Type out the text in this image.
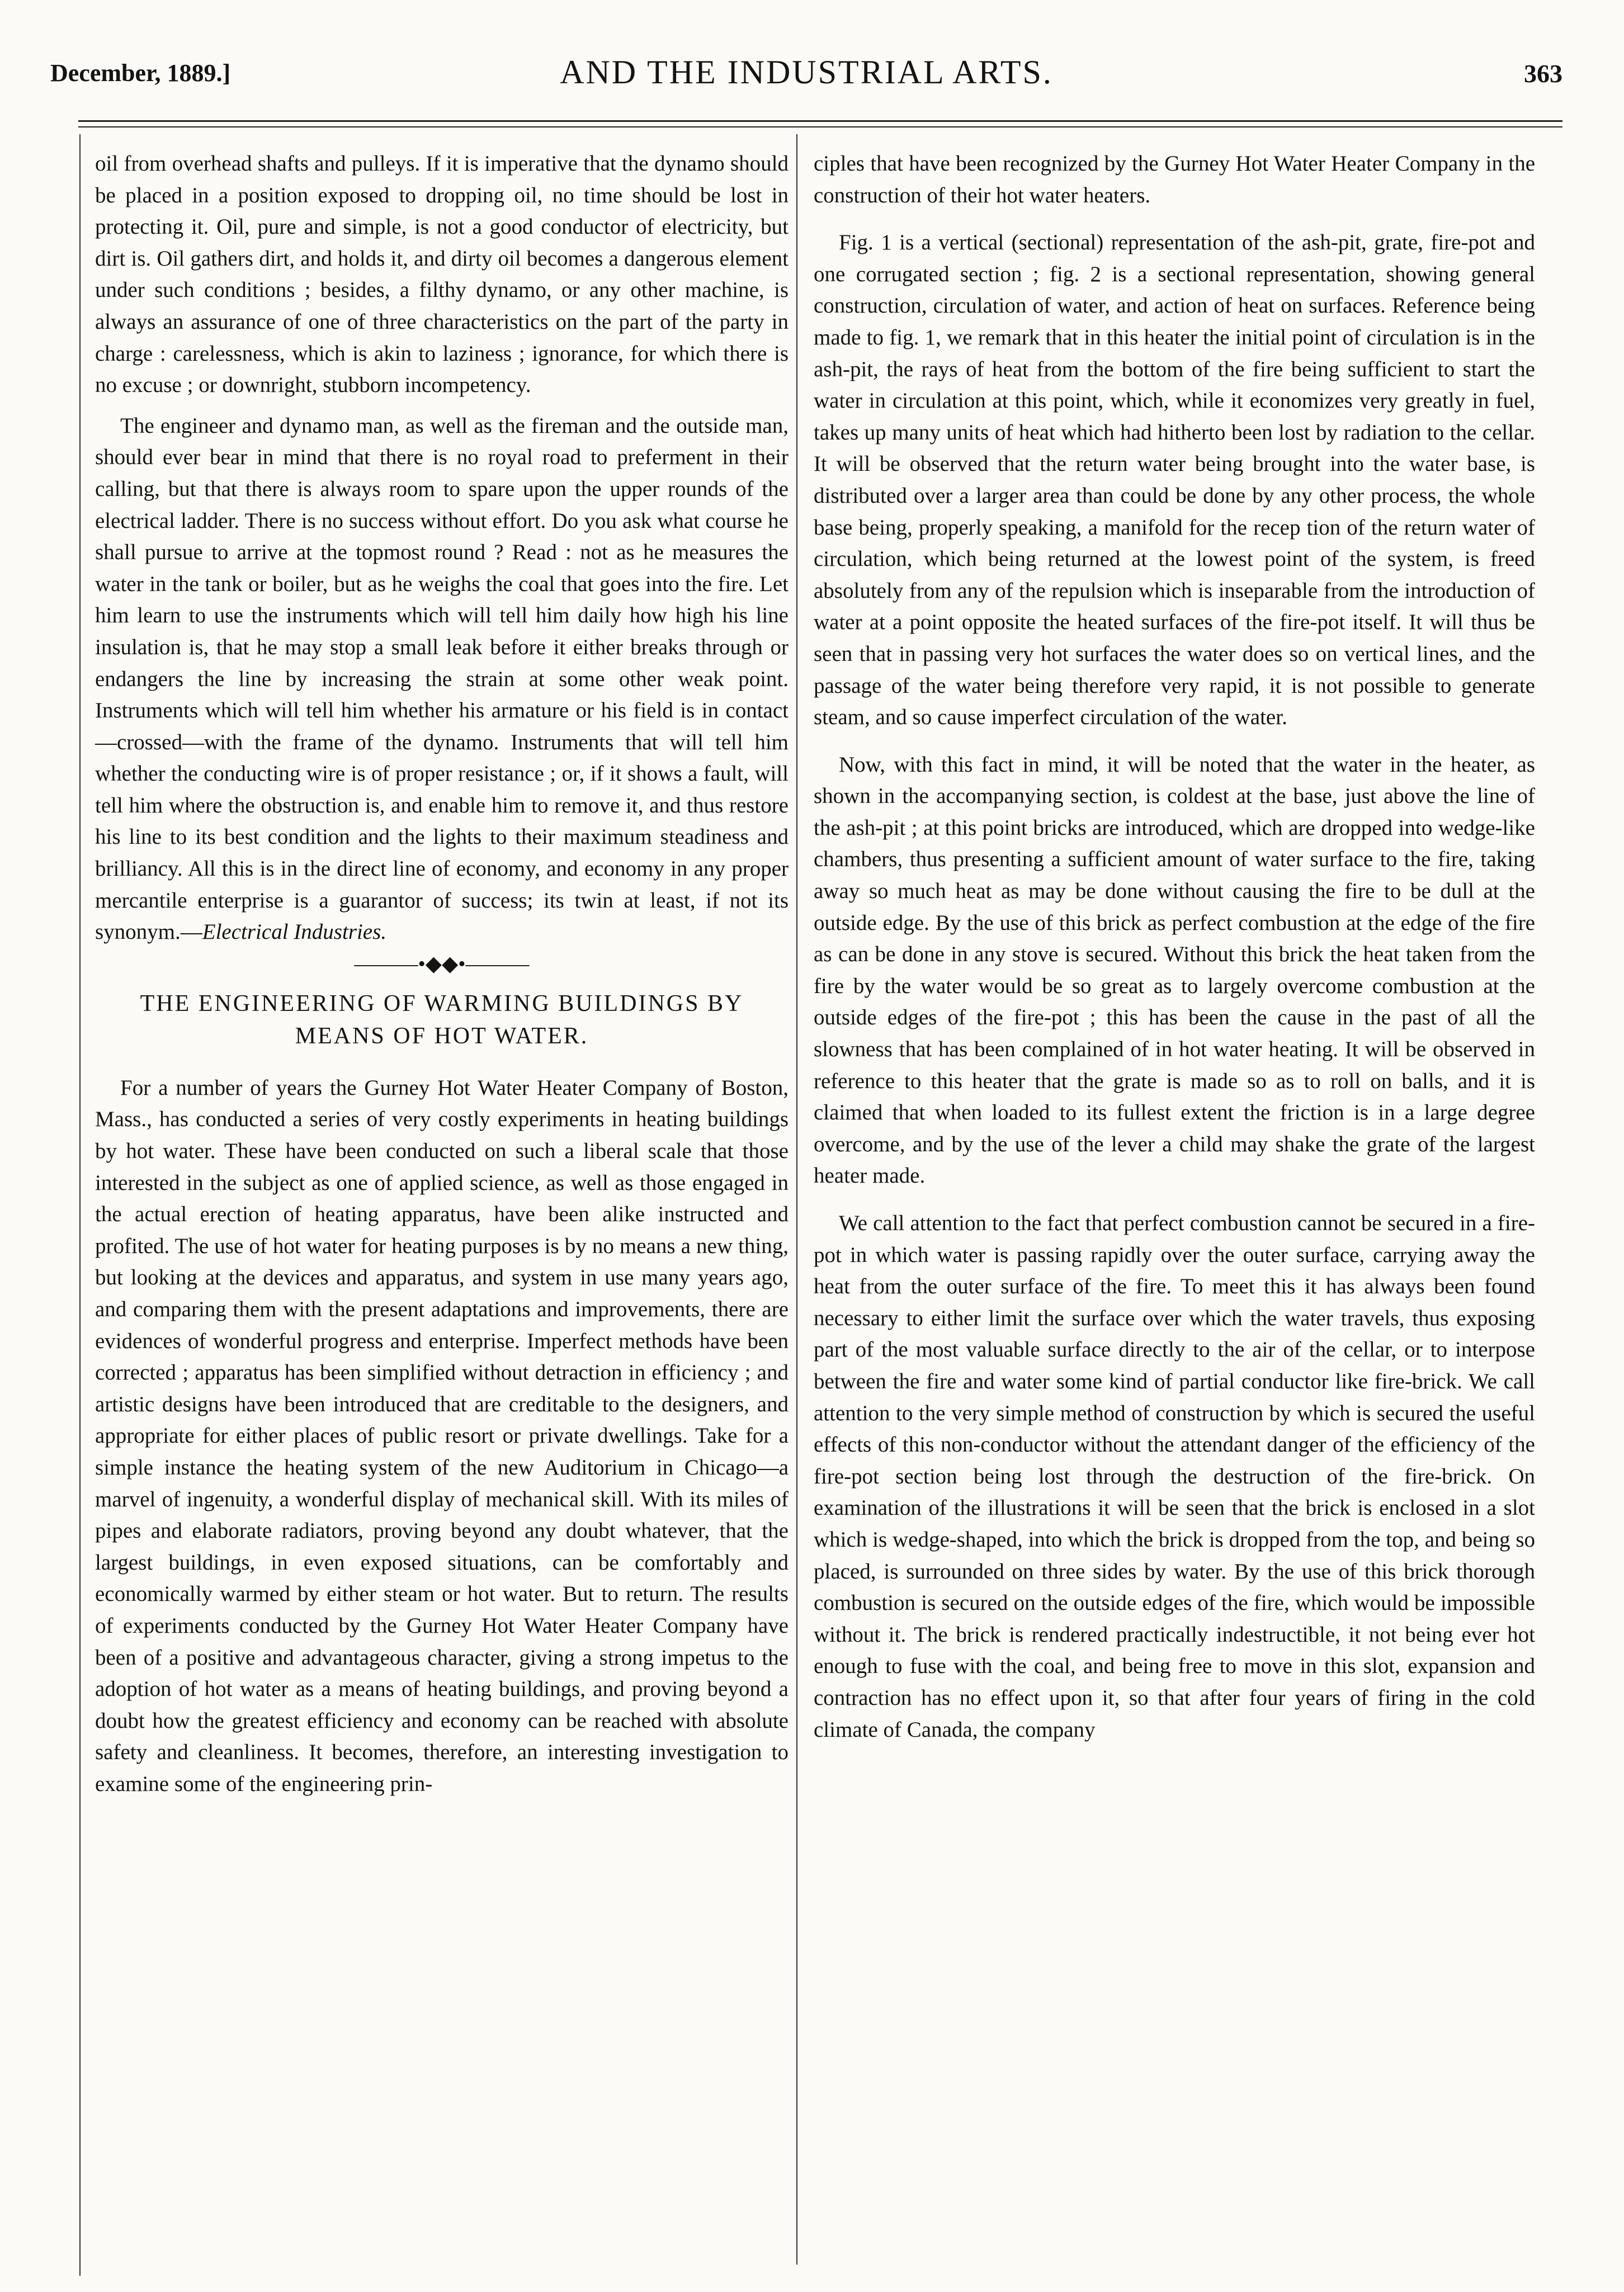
December, 1889.]	AND THE INDUSTRIAL ARTS.	363

oil from overhead shafts and pulleys. If it is imperative that the dynamo should be placed in a position exposed to dropping oil, no time should be lost in protecting it. Oil, pure and simple, is not a good conductor of electricity, but dirt is. Oil gathers dirt, and holds it, and dirty oil becomes a dangerous element under such conditions ; besides, a filthy dynamo, or any other machine, is always an assurance of one of three characteristics on the part of the party in charge : carelessness, which is akin to laziness ; ignorance, for which there is no excuse ; or downright, stubborn incompetency.

The engineer and dynamo man, as well as the fireman and the outside man, should ever bear in mind that there is no royal road to preferment in their calling, but that there is always room to spare upon the upper rounds of the electrical ladder. There is no success without effort. Do you ask what course he shall pursue to arrive at the topmost round ? Read : not as he measures the water in the tank or boiler, but as he weighs the coal that goes into the fire. Let him learn to use the instruments which will tell him daily how high his line insulation is, that he may stop a small leak before it either breaks through or endangers the line by increasing the strain at some other weak point. Instruments which will tell him whether his armature or his field is in contact—crossed—with the frame of the dynamo. Instruments that will tell him whether the conducting wire is of proper resistance ; or, if it shows a fault, will tell him where the obstruction is, and enable him to remove it, and thus restore his line to its best condition and the lights to their maximum steadiness and brilliancy. All this is in the direct line of economy, and economy in any proper mercantile enterprise is a guarantor of success; its twin at least, if not its synonym.—Electrical Industries.

———•◆◆•———
THE ENGINEERING OF WARMING BUILDINGS BY MEANS OF HOT WATER.

For a number of years the Gurney Hot Water Heater Company of Boston, Mass., has conducted a series of very costly experiments in heating buildings by hot water. These have been conducted on such a liberal scale that those interested in the subject as one of applied science, as well as those engaged in the actual erection of heating apparatus, have been alike instructed and profited. The use of hot water for heating purposes is by no means a new thing, but looking at the devices and apparatus, and system in use many years ago, and comparing them with the present adaptations and improvements, there are evidences of wonderful progress and enterprise. Imperfect methods have been corrected ; apparatus has been simplified without detraction in efficiency ; and artistic designs have been introduced that are creditable to the designers, and appropriate for either places of public resort or private dwellings. Take for a simple instance the heating system of the new Auditorium in Chicago—a marvel of ingenuity, a wonderful display of mechanical skill. With its miles of pipes and elaborate radiators, proving beyond any doubt whatever, that the largest buildings, in even exposed situations, can be comfortably and economically warmed by either steam or hot water. But to return. The results of experiments conducted by the Gurney Hot Water Heater Company have been of a positive and advantageous character, giving a strong impetus to the adoption of hot water as a means of heating buildings, and proving beyond a doubt how the greatest efficiency and economy can be reached with absolute safety and cleanliness. It becomes, therefore, an interesting investigation to examine some of the engineering prin-

ciples that have been recognized by the Gurney Hot Water Heater Company in the construction of their hot water heaters.

Fig. 1 is a vertical (sectional) representation of the ash-pit, grate, fire-pot and one corrugated section ; fig. 2 is a sectional representation, showing general construction, circulation of water, and action of heat on surfaces. Reference being made to fig. 1, we remark that in this heater the initial point of circulation is in the ash-pit, the rays of heat from the bottom of the fire being sufficient to start the water in circulation at this point, which, while it economizes very greatly in fuel, takes up many units of heat which had hitherto been lost by radiation to the cellar. It will be observed that the return water being brought into the water base, is distributed over a larger area than could be done by any other process, the whole base being, properly speaking, a manifold for the recep tion of the return water of circulation, which being returned at the lowest point of the system, is freed absolutely from any of the repulsion which is inseparable from the introduction of water at a point opposite the heated surfaces of the fire-pot itself. It will thus be seen that in passing very hot surfaces the water does so on vertical lines, and the passage of the water being therefore very rapid, it is not possible to generate steam, and so cause imperfect circulation of the water.

Now, with this fact in mind, it will be noted that the water in the heater, as shown in the accompanying section, is coldest at the base, just above the line of the ash-pit ; at this point bricks are introduced, which are dropped into wedge-like chambers, thus presenting a sufficient amount of water surface to the fire, taking away so much heat as may be done without causing the fire to be dull at the outside edge. By the use of this brick as perfect combustion at the edge of the fire as can be done in any stove is secured. Without this brick the heat taken from the fire by the water would be so great as to largely overcome combustion at the outside edges of the fire-pot ; this has been the cause in the past of all the slowness that has been complained of in hot water heating. It will be observed in reference to this heater that the grate is made so as to roll on balls, and it is claimed that when loaded to its fullest extent the friction is in a large degree overcome, and by the use of the lever a child may shake the grate of the largest heater made.

We call attention to the fact that perfect combustion cannot be secured in a fire-pot in which water is passing rapidly over the outer surface, carrying away the heat from the outer surface of the fire. To meet this it has always been found necessary to either limit the surface over which the water travels, thus exposing part of the most valuable surface directly to the air of the cellar, or to interpose between the fire and water some kind of partial conductor like fire-brick. We call attention to the very simple method of construction by which is secured the useful effects of this non-conductor without the attendant danger of the efficiency of the fire-pot section being lost through the destruction of the fire-brick. On examination of the illustrations it will be seen that the brick is enclosed in a slot which is wedge-shaped, into which the brick is dropped from the top, and being so placed, is surrounded on three sides by water. By the use of this brick thorough combustion is secured on the outside edges of the fire, which would be impossible without it. The brick is rendered practically indestructible, it not being ever hot enough to fuse with the coal, and being free to move in this slot, expansion and contraction has no effect upon it, so that after four years of firing in the cold climate of Canada, the company
